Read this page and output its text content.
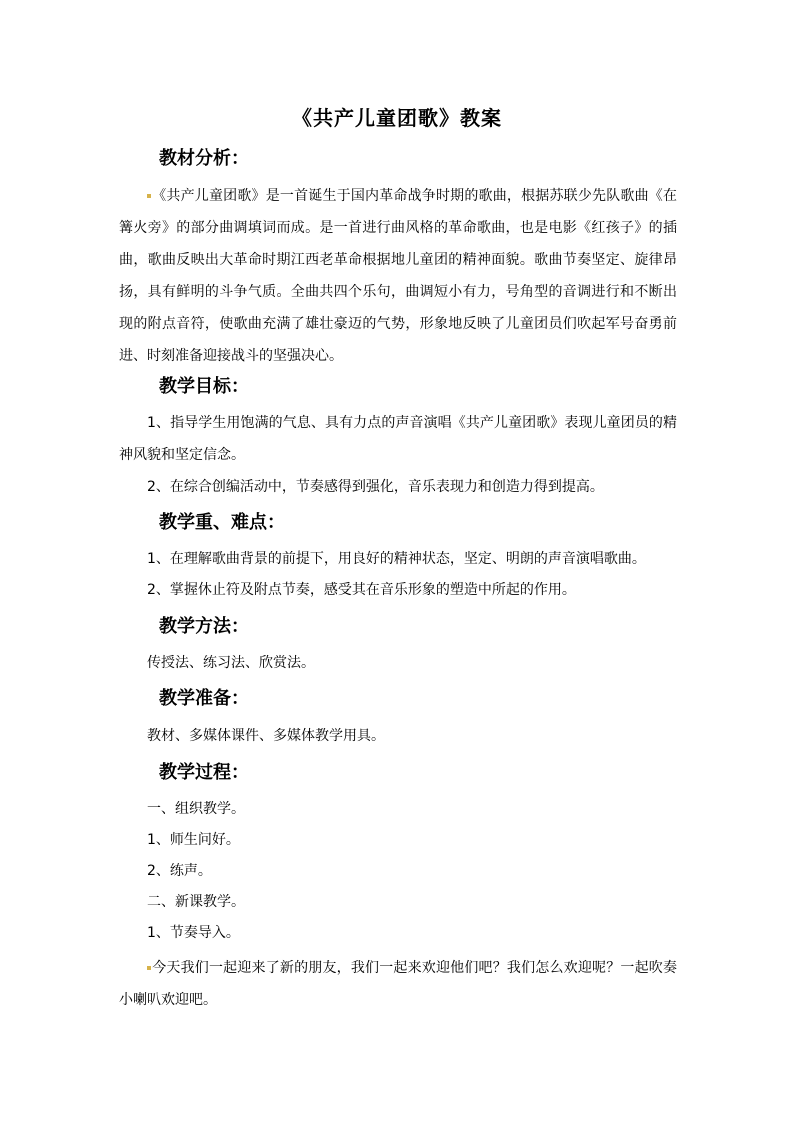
《共产儿童团歌》教案
教材分析：
《共产儿童团歌》是一首诞生于国内革命战争时期的歌曲，根据苏联少先队歌曲《在篝火旁》的部分曲调填词而成。是一首进行曲风格的革命歌曲，也是电影《红孩子》的插曲，歌曲反映出大革命时期江西老革命根据地儿童团的精神面貌。歌曲节奏坚定、旋律昂扬，具有鲜明的斗争气质。全曲共四个乐句，曲调短小有力，号角型的音调进行和不断出现的附点音符，使歌曲充满了雄壮豪迈的气势，形象地反映了儿童团员们吹起军号奋勇前进、时刻准备迎接战斗的坚强决心。
教学目标：
1、指导学生用饱满的气息、具有力点的声音演唱《共产儿童团歌》表现儿童团员的精神风貌和坚定信念。
2、在综合创编活动中，节奏感得到强化，音乐表现力和创造力得到提高。
教学重、难点：
1、在理解歌曲背景的前提下，用良好的精神状态，坚定、明朗的声音演唱歌曲。
2、掌握休止符及附点节奏，感受其在音乐形象的塑造中所起的作用。
教学方法：
传授法、练习法、欣赏法。
教学准备：
教材、多媒体课件、多媒体教学用具。
教学过程：
一、组织教学。
1、师生问好。
2、练声。
二、新课教学。
1、节奏导入。
今天我们一起迎来了新的朋友，我们一起来欢迎他们吧？我们怎么欢迎呢？一起吹奏小喇叭欢迎吧。
